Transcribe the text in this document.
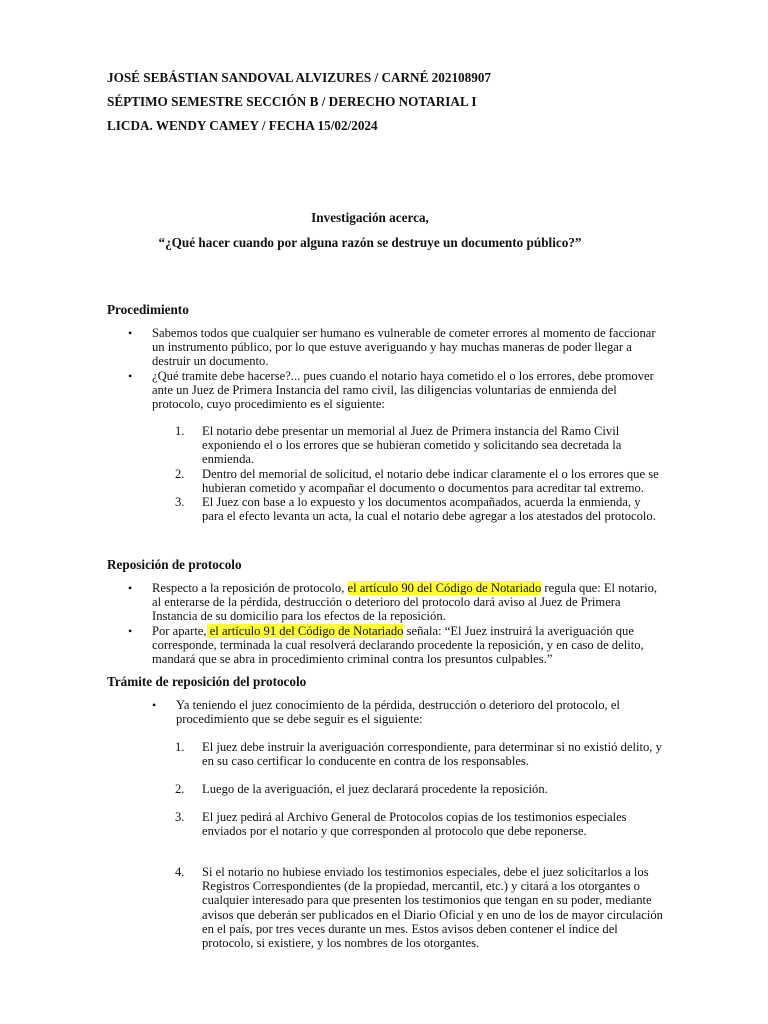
JOSÉ SEBÁSTIAN SANDOVAL ALVIZURES / CARNÉ 202108907
SÉPTIMO SEMESTRE SECCIÓN B / DERECHO NOTARIAL I
LICDA. WENDY CAMEY / FECHA 15/02/2024
Investigación acerca,
“¿Qué hacer cuando por alguna razón se destruye un documento público?”
Procedimiento
• Sabemos todos que cualquier ser humano es vulnerable de cometer errores al momento de faccionar un instrumento público, por lo que estuve averiguando y hay muchas maneras de poder llegar a destruir un documento.
• ¿Qué tramite debe hacerse?... pues cuando el notario haya cometido el o los errores, debe promover ante un Juez de Primera Instancia del ramo civil, las diligencias voluntarias de enmienda del protocolo, cuyo procedimiento es el siguiente:
1. El notario debe presentar un memorial al Juez de Primera instancia del Ramo Civil exponiendo el o los errores que se hubieran cometido y solicitando sea decretada la enmienda.
2. Dentro del memorial de solicitud, el notario debe indicar claramente el o los errores que se hubieran cometido y acompañar el documento o documentos para acreditar tal extremo.
3. El Juez con base a lo expuesto y los documentos acompañados, acuerda la enmienda, y para el efecto levanta un acta, la cual el notario debe agregar a los atestados del protocolo.
Reposición de protocolo
• Respecto a la reposición de protocolo, el artículo 90 del Código de Notariado regula que: El notario, al enterarse de la pérdida, destrucción o deterioro del protocolo dará aviso al Juez de Primera Instancia de su domicilio para los efectos de la reposición.
• Por aparte, el artículo 91 del Código de Notariado señala: “El Juez instruirá la averiguación que corresponde, terminada la cual resolverá declarando procedente la reposición, y en caso de delito, mandará que se abra in procedimiento criminal contra los presuntos culpables.”
Trámite de reposición del protocolo
• Ya teniendo el juez conocimiento de la pérdida, destrucción o deterioro del protocolo, el procedimiento que se debe seguir es el siguiente:
1. El juez debe instruir la averiguación correspondiente, para determinar si no existió delito, y en su caso certificar lo conducente en contra de los responsables.
2. Luego de la averiguación, el juez declarará procedente la reposición.
3. El juez pedirá al Archivo General de Protocolos copias de los testimonios especiales enviados por el notario y que corresponden al protocolo que debe reponerse.
4. Si el notario no hubiese enviado los testimonios especiales, debe el juez solicitarlos a los Registros Correspondientes (de la propiedad, mercantil, etc.) y citará a los otorgantes o cualquier interesado para que presenten los testimonios que tengan en su poder, mediante avisos que deberán ser publicados en el Diario Oficial y en uno de los de mayor circulación en el país, por tres veces durante un mes. Estos avisos deben contener el índice del protocolo, si existiere, y los nombres de los otorgantes.
